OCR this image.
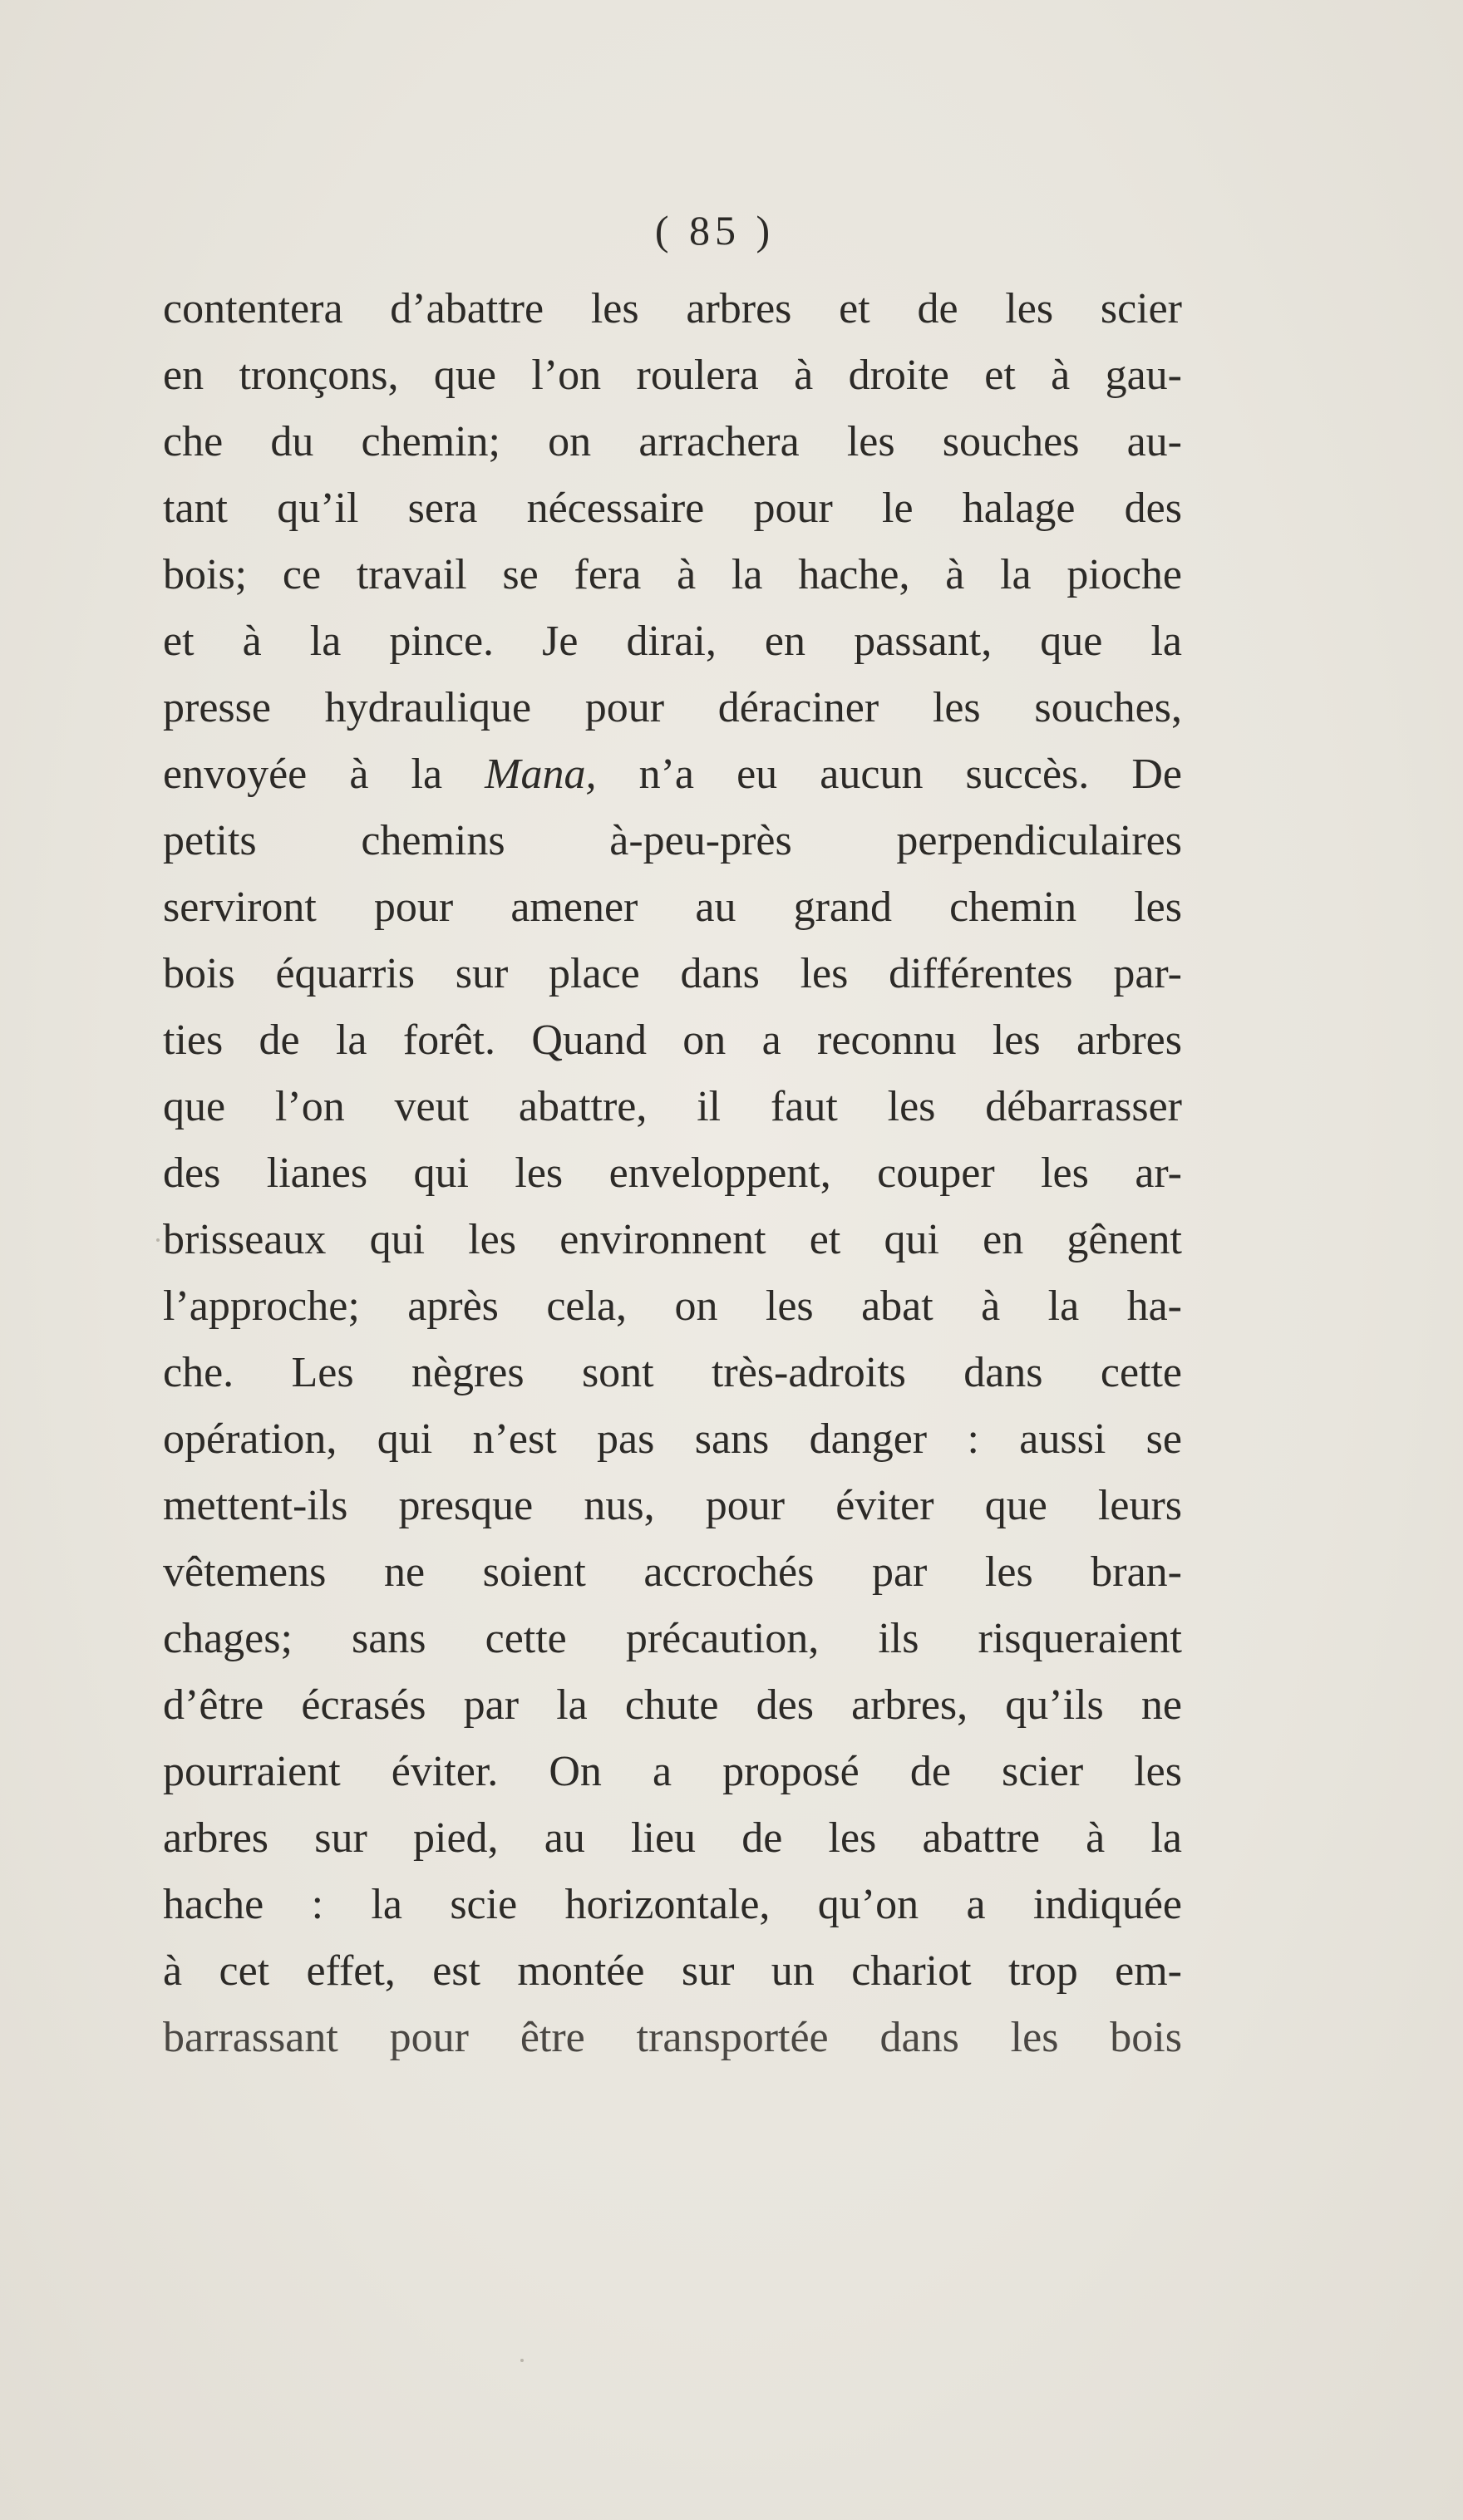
( 85 )
contentera d’abattre les arbres et de les scier
en tronçons, que l’on roulera à droite et à gau-
che du chemin; on arrachera les souches au-
tant qu’il sera nécessaire pour le halage des
bois; ce travail se fera à la hache, à la pioche
et à la pince. Je dirai, en passant, que la
presse hydraulique pour déraciner les souches,
envoyée à la Mana, n’a eu aucun succès. De
petits chemins à-peu-près perpendiculaires
serviront pour amener au grand chemin les
bois équarris sur place dans les différentes par-
ties de la forêt. Quand on a reconnu les arbres
que l’on veut abattre, il faut les débarrasser
des lianes qui les enveloppent, couper les ar-
brisseaux qui les environnent et qui en gênent
l’approche; après cela, on les abat à la ha-
che. Les nègres sont très-adroits dans cette
opération, qui n’est pas sans danger : aussi se
mettent-ils presque nus, pour éviter que leurs
vêtemens ne soient accrochés par les bran-
chages; sans cette précaution, ils risqueraient
d’être écrasés par la chute des arbres, qu’ils ne
pourraient éviter. On a proposé de scier les
arbres sur pied, au lieu de les abattre à la
hache : la scie horizontale, qu’on a indiquée
à cet effet, est montée sur un chariot trop em-
barrassant pour être transportée dans les bois
